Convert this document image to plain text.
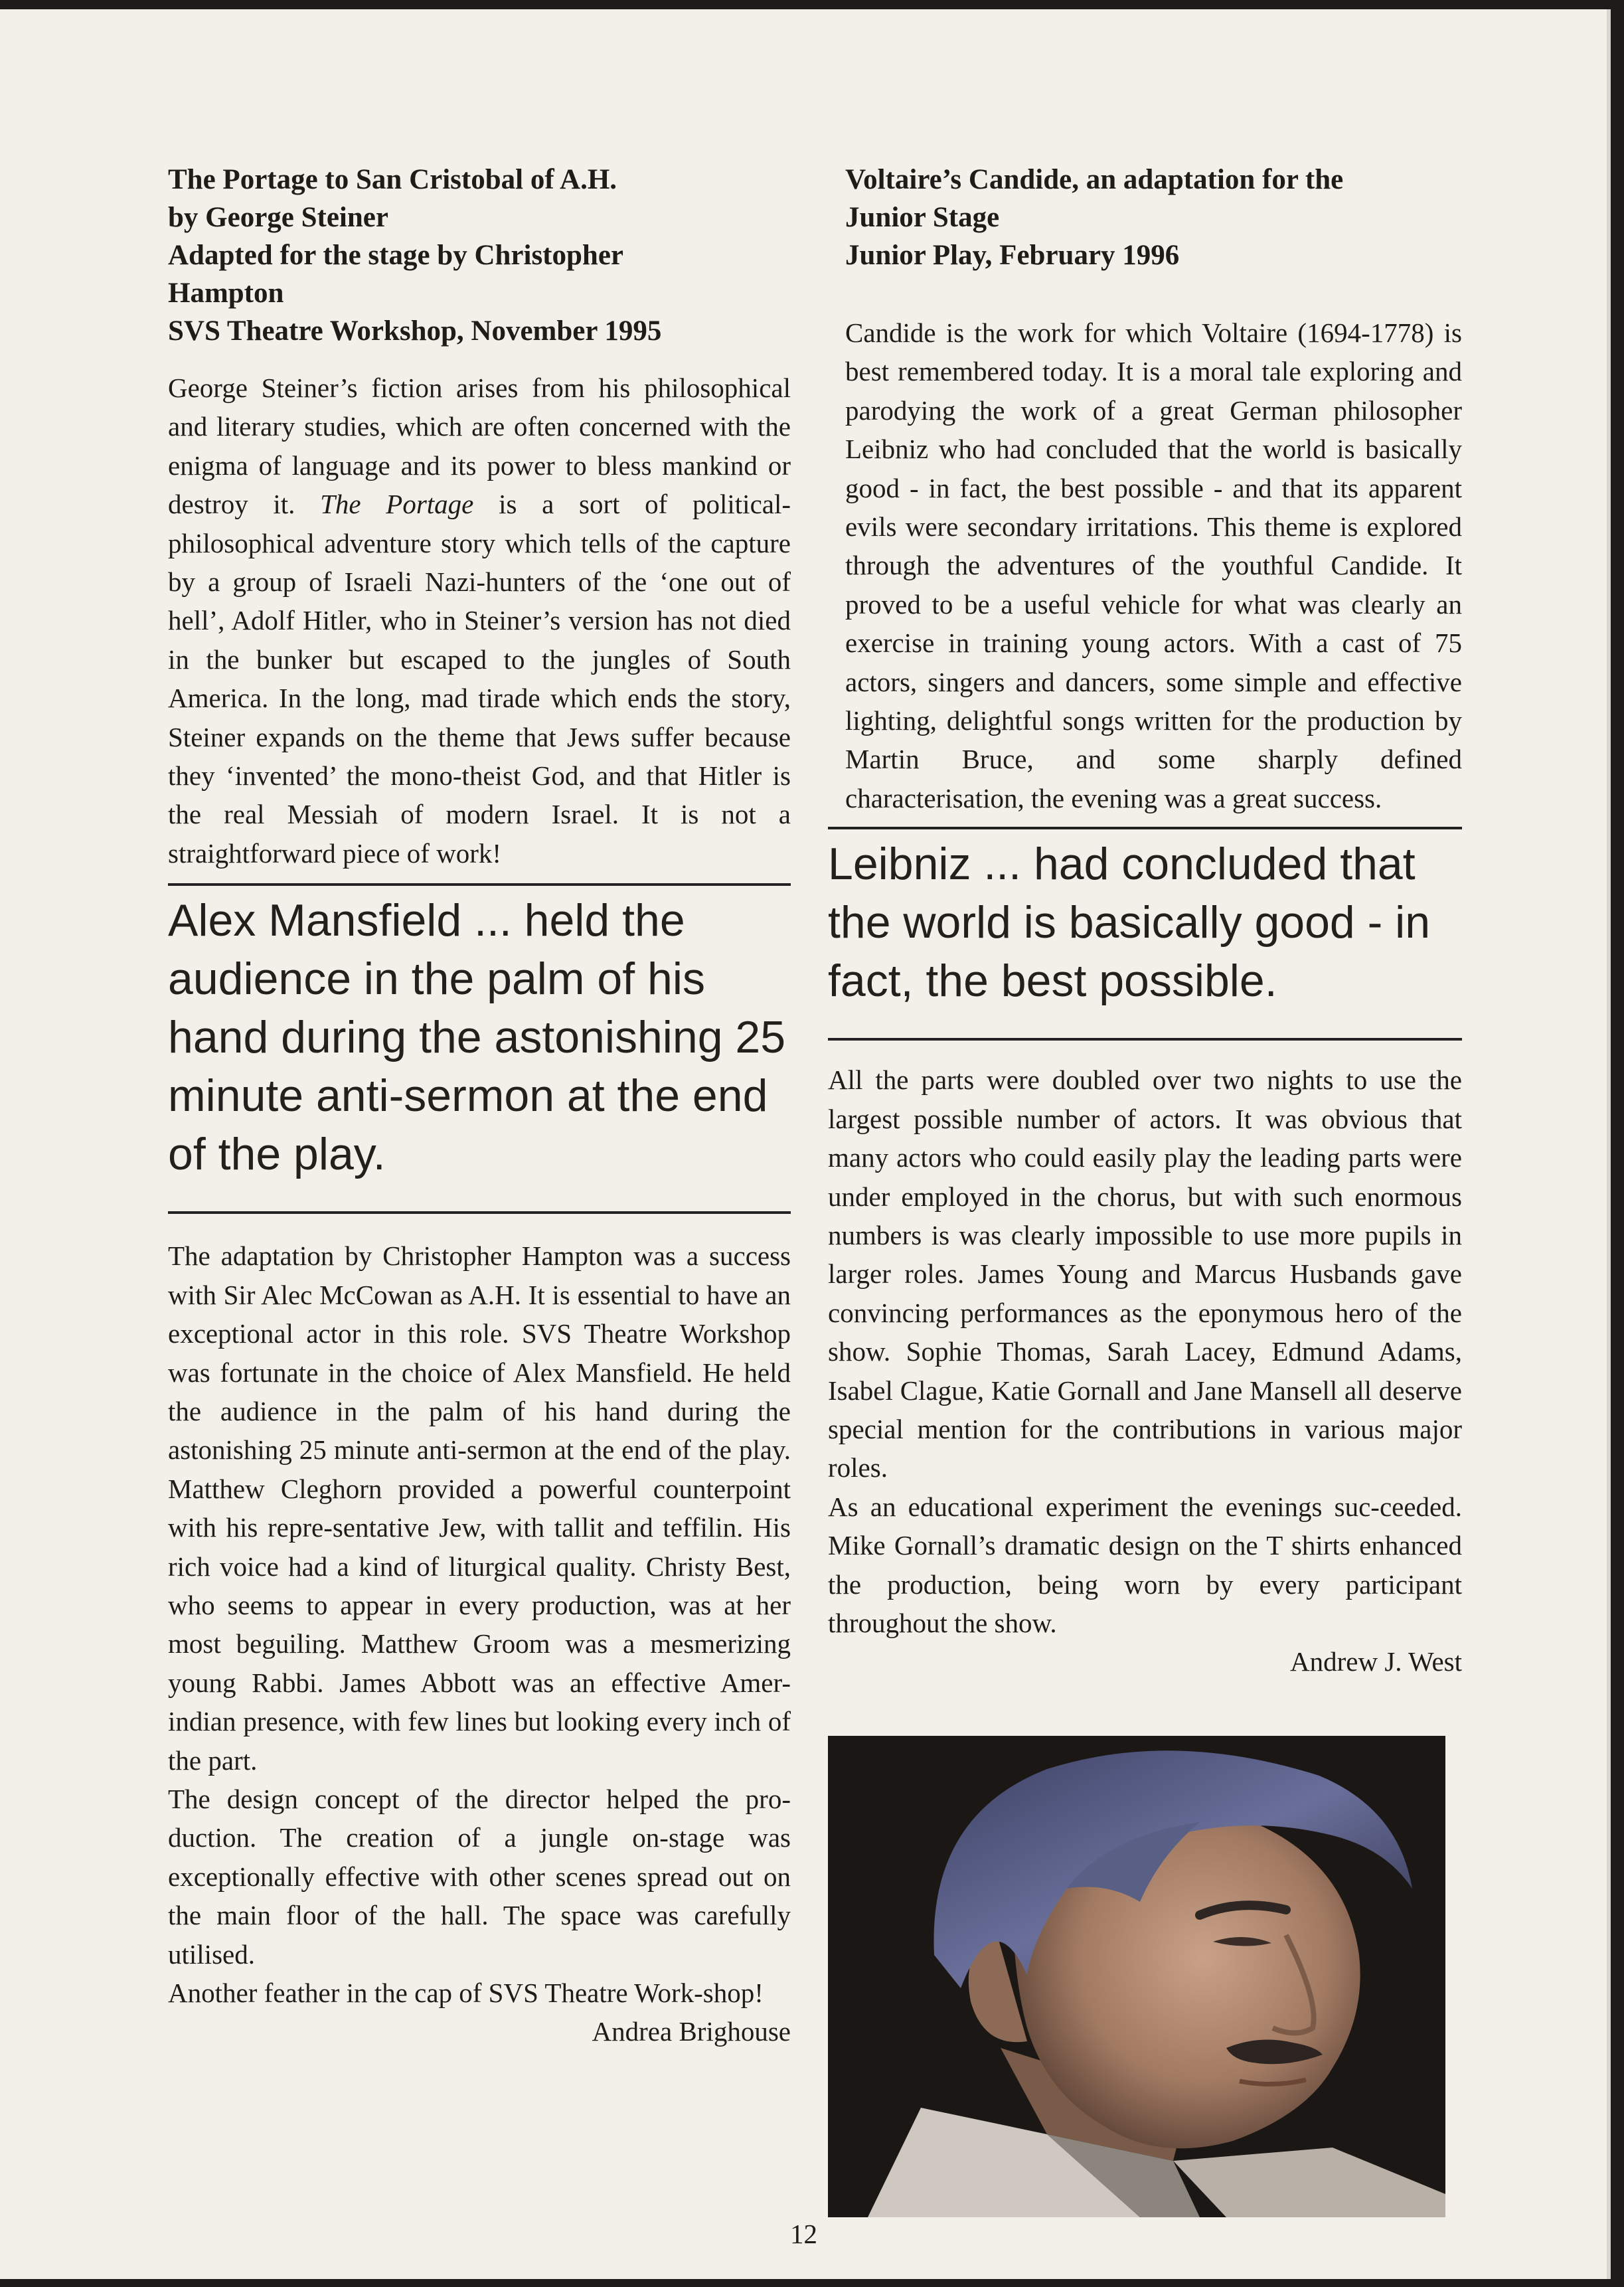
The Portage to San Cristobal of A.H.
by George Steiner
Adapted for the stage by Christopher
Hampton
SVS Theatre Workshop, November 1995
George Steiner’s fiction arises from his philosophical and literary studies, which are often concerned with the enigma of language and its power to bless mankind or destroy it. The Portage is a sort of political-philosophical adventure story which tells of the capture by a group of Israeli Nazi-hunters of the ‘one out of hell’, Adolf Hitler, who in Steiner’s version has not died in the bunker but escaped to the jungles of South America. In the long, mad tirade which ends the story, Steiner expands on the theme that Jews suffer because they ‘invented’ the mono-theist God, and that Hitler is the real Messiah of modern Israel. It is not a straightforward piece of work!
Alex Mansfield ... held the audience in the palm of his hand during the astonishing 25 minute anti-sermon at the end of the play.

The adaptation by Christopher Hampton was a success with Sir Alec McCowan as A.H. It is essential to have an exceptional actor in this role. SVS Theatre Workshop was fortunate in the choice of Alex Mansfield. He held the audience in the palm of his hand during the astonishing 25 minute anti-sermon at the end of the play. Matthew Cleghorn provided a powerful counterpoint with his repre-sentative Jew, with tallit and teffilin. His rich voice had a kind of liturgical quality. Christy Best, who seems to appear in every production, was at her most beguiling. Matthew Groom was a mesmerizing young Rabbi. James Abbott was an effective Amer-indian presence, with few lines but looking every inch of the part.

The design concept of the director helped the pro-duction. The creation of a jungle on-stage was exceptionally effective with other scenes spread out on the main floor of the hall. The space was carefully utilised.

Another feather in the cap of SVS Theatre Work-shop!

Andrea Brighouse
Voltaire’s Candide, an adaptation for the
Junior Stage
Junior Play, February 1996
Candide is the work for which Voltaire (1694-1778) is best remembered today. It is a moral tale exploring and parodying the work of a great German philosopher Leibniz who had concluded that the world is basically good - in fact, the best possible - and that its apparent evils were secondary irritations. This theme is explored through the adventures of the youthful Candide. It proved to be a useful vehicle for what was clearly an exercise in training young actors. With a cast of 75 actors, singers and dancers, some simple and effective lighting, delightful songs written for the production by Martin Bruce, and some sharply defined characterisation, the evening was a great success.
Leibniz ... had concluded that the world is basically good - in fact, the best possible.

All the parts were doubled over two nights to use the largest possible number of actors. It was obvious that many actors who could easily play the leading parts were under employed in the chorus, but with such enormous numbers is was clearly impossible to use more pupils in larger roles. James Young and Marcus Husbands gave convincing performances as the eponymous hero of the show. Sophie Thomas, Sarah Lacey, Edmund Adams, Isabel Clague, Katie Gornall and Jane Mansell all deserve special mention for the contributions in various major roles.

As an educational experiment the evenings suc-ceeded. Mike Gornall’s dramatic design on the T shirts enhanced the production, being worn by every participant throughout the show.

Andrew J. West
12
